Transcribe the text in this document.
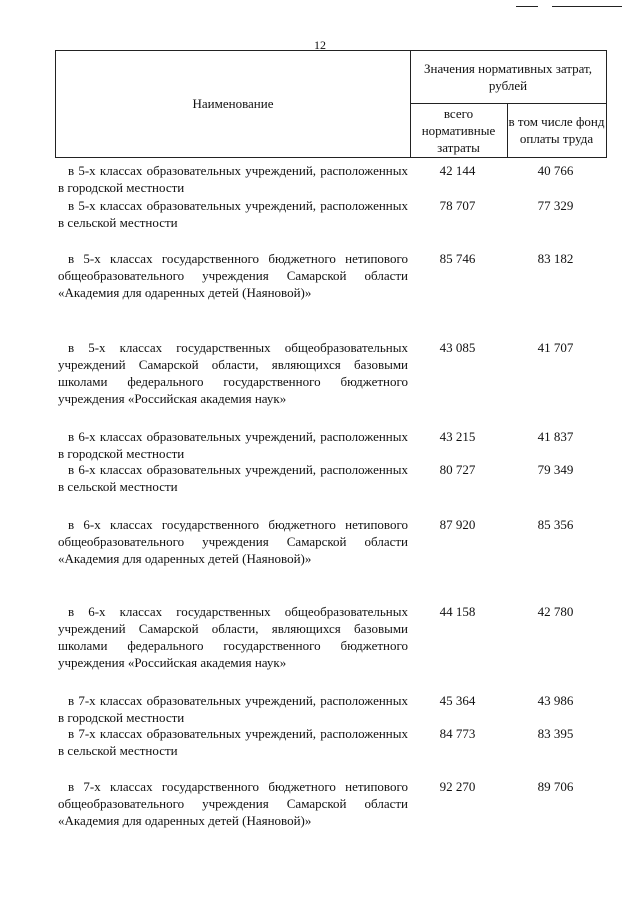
12
Наименование
Значения нормативных затрат, рублей
всего нормативные затраты
в том числе фонд оплаты труда
в 5-х классах образовательных учреждений, расположенных в городской местности
42 144	40 766
в 5-х классах образовательных учреждений, расположенных в сельской местности
78 707	77 329
в 5-х классах государственного бюджетного нетипового общеобразовательного учреждения Самарской области «Академия для одаренных детей (Наяновой)»
85 746	83 182
в 5-х классах государственных общеобразовательных учреждений Самарской области, являющихся базовыми школами федерального государственного бюджетного учреждения «Российская академия наук»
43 085	41 707
в 6-х классах образовательных учреждений, расположенных в городской местности
43 215	41 837
в 6-х классах образовательных учреждений, расположенных в сельской местности
80 727	79 349
в 6-х классах государственного бюджетного нетипового общеобразовательного учреждения Самарской области «Академия для одаренных детей (Наяновой)»
87 920	85 356
в 6-х классах государственных общеобразовательных учреждений Самарской области, являющихся базовыми школами федерального государственного бюджетного учреждения «Российская академия наук»
44 158	42 780
в 7-х классах образовательных учреждений, расположенных в городской местности
45 364	43 986
в 7-х классах образовательных учреждений, расположенных в сельской местности
84 773	83 395
в 7-х классах государственного бюджетного нетипового общеобразовательного учреждения Самарской области «Академия для одаренных детей (Наяновой)»
92 270	89 706
